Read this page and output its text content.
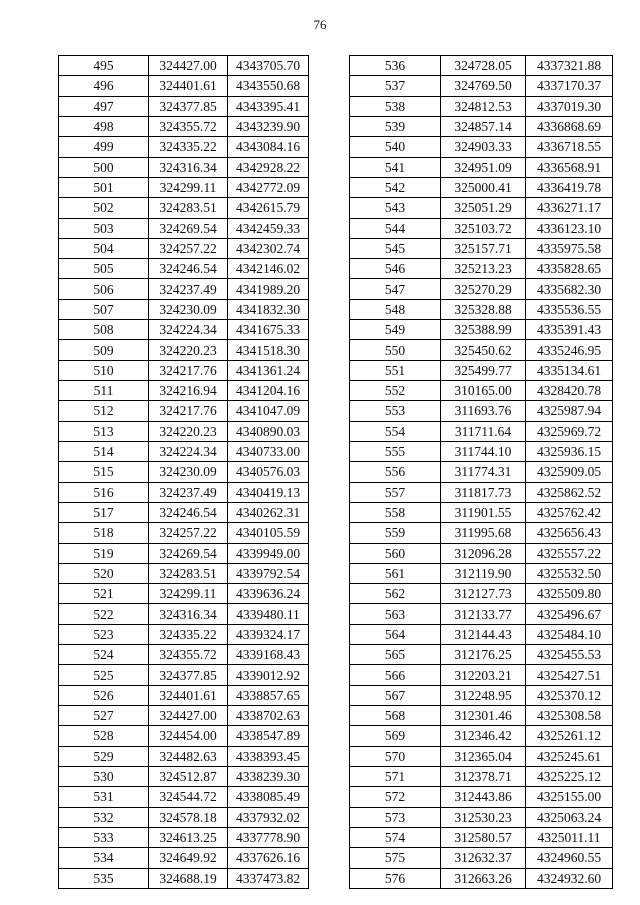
76
495	324427.00	4343705.70
496	324401.61	4343550.68
497	324377.85	4343395.41
498	324355.72	4343239.90
499	324335.22	4343084.16
500	324316.34	4342928.22
501	324299.11	4342772.09
502	324283.51	4342615.79
503	324269.54	4342459.33
504	324257.22	4342302.74
505	324246.54	4342146.02
506	324237.49	4341989.20
507	324230.09	4341832.30
508	324224.34	4341675.33
509	324220.23	4341518.30
510	324217.76	4341361.24
511	324216.94	4341204.16
512	324217.76	4341047.09
513	324220.23	4340890.03
514	324224.34	4340733.00
515	324230.09	4340576.03
516	324237.49	4340419.13
517	324246.54	4340262.31
518	324257.22	4340105.59
519	324269.54	4339949.00
520	324283.51	4339792.54
521	324299.11	4339636.24
522	324316.34	4339480.11
523	324335.22	4339324.17
524	324355.72	4339168.43
525	324377.85	4339012.92
526	324401.61	4338857.65
527	324427.00	4338702.63
528	324454.00	4338547.89
529	324482.63	4338393.45
530	324512.87	4338239.30
531	324544.72	4338085.49
532	324578.18	4337932.02
533	324613.25	4337778.90
534	324649.92	4337626.16
535	324688.19	4337473.82
536	324728.05	4337321.88
537	324769.50	4337170.37
538	324812.53	4337019.30
539	324857.14	4336868.69
540	324903.33	4336718.55
541	324951.09	4336568.91
542	325000.41	4336419.78
543	325051.29	4336271.17
544	325103.72	4336123.10
545	325157.71	4335975.58
546	325213.23	4335828.65
547	325270.29	4335682.30
548	325328.88	4335536.55
549	325388.99	4335391.43
550	325450.62	4335246.95
551	325499.77	4335134.61
552	310165.00	4328420.78
553	311693.76	4325987.94
554	311711.64	4325969.72
555	311744.10	4325936.15
556	311774.31	4325909.05
557	311817.73	4325862.52
558	311901.55	4325762.42
559	311995.68	4325656.43
560	312096.28	4325557.22
561	312119.90	4325532.50
562	312127.73	4325509.80
563	312133.77	4325496.67
564	312144.43	4325484.10
565	312176.25	4325455.53
566	312203.21	4325427.51
567	312248.95	4325370.12
568	312301.46	4325308.58
569	312346.42	4325261.12
570	312365.04	4325245.61
571	312378.71	4325225.12
572	312443.86	4325155.00
573	312530.23	4325063.24
574	312580.57	4325011.11
575	312632.37	4324960.55
576	312663.26	4324932.60
